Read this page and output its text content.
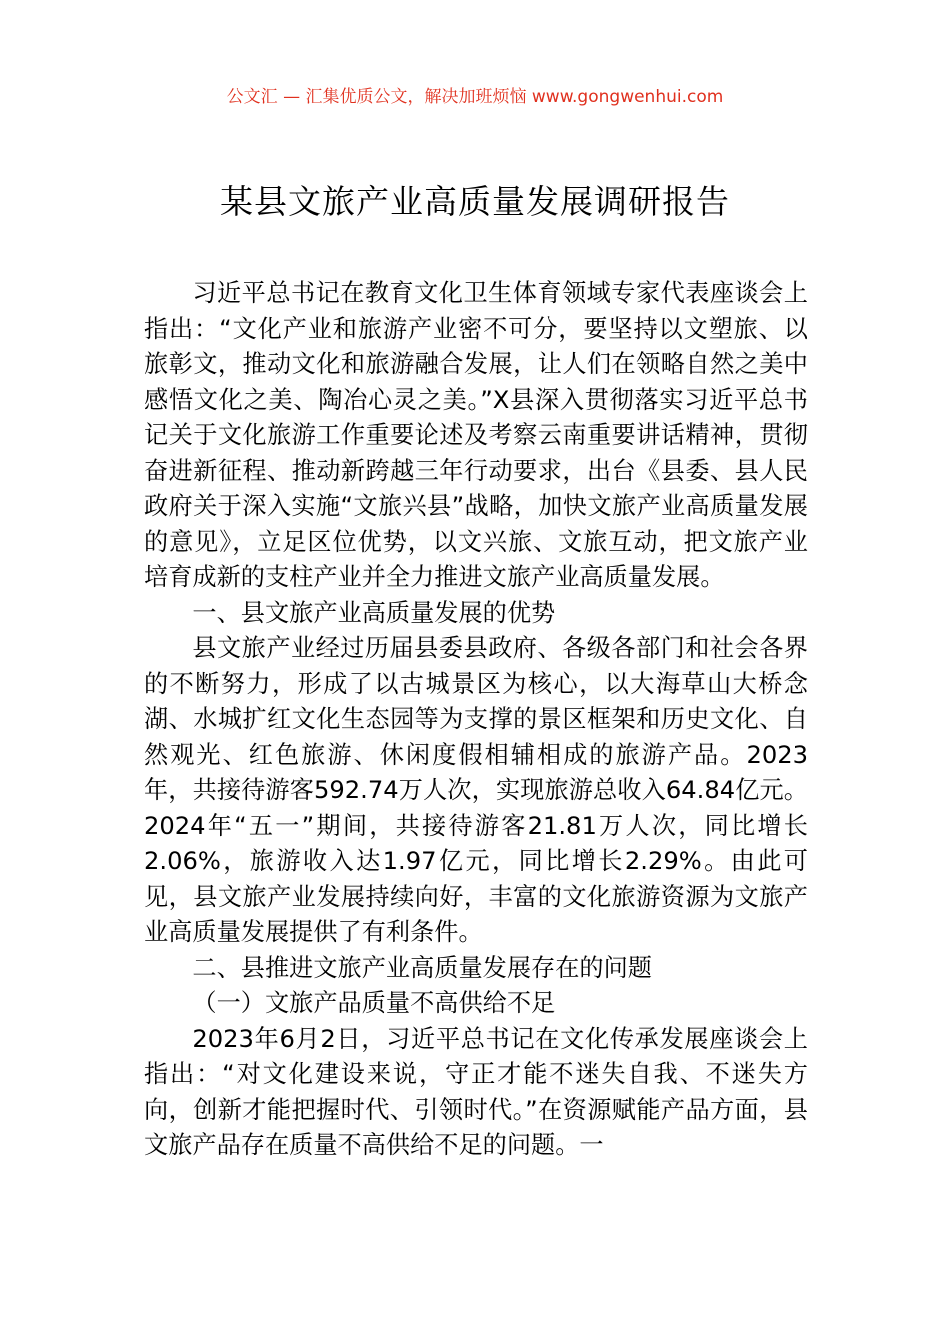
公文汇 — 汇集优质公文，解决加班烦恼 www.gongwenhui.com
某县文旅产业高质量发展调研报告

习近平总书记在教育文化卫生体育领域专家代表座谈会上指出：“文化产业和旅游产业密不可分，要坚持以文塑旅、以旅彰文，推动文化和旅游融合发展，让人们在领略自然之美中感悟文化之美、陶冶心灵之美。”X县深入贯彻落实习近平总书记关于文化旅游工作重要论述及考察云南重要讲话精神，贯彻奋进新征程、推动新跨越三年行动要求，出台《县委、县人民政府关于深入实施“文旅兴县”战略，加快文旅产业高质量发展的意见》，立足区位优势，以文兴旅、文旅互动，把文旅产业培育成新的支柱产业并全力推进文旅产业高质量发展。

一、县文旅产业高质量发展的优势

县文旅产业经过历届县委县政府、各级各部门和社会各界的不断努力，形成了以古城景区为核心，以大海草山大桥念湖、水城扩红文化生态园等为支撑的景区框架和历史文化、自然观光、红色旅游、休闲度假相辅相成的旅游产品。2023年，共接待游客592.74万人次，实现旅游总收入64.84亿元。2024年“五一”期间，共接待游客21.81万人次，同比增长2.06%，旅游收入达1.97亿元，同比增长2.29%。由此可见，县文旅产业发展持续向好，丰富的文化旅游资源为文旅产业高质量发展提供了有利条件。

二、县推进文旅产业高质量发展存在的问题

（一）文旅产品质量不高供给不足

2023年6月2日，习近平总书记在文化传承发展座谈会上指出：“对文化建设来说，守正才能不迷失自我、不迷失方向，创新才能把握时代、引领时代。”在资源赋能产品方面，县文旅产品存在质量不高供给不足的问题。一
